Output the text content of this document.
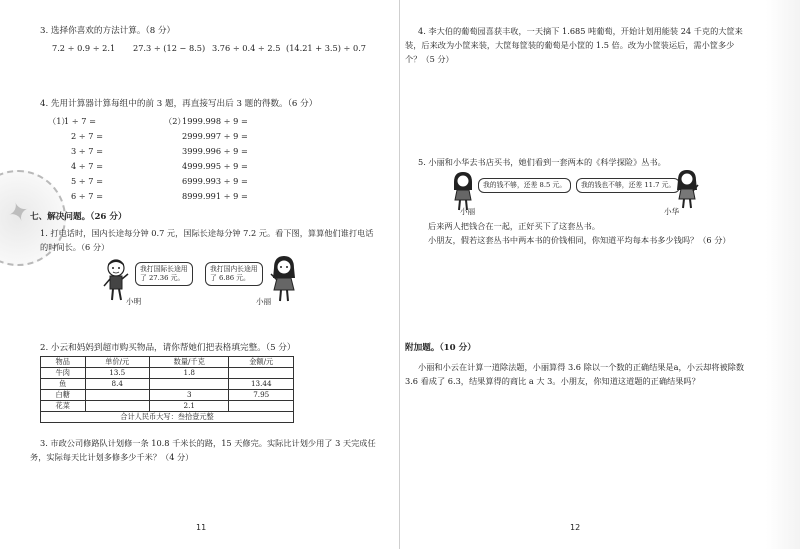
✦
3. 选择你喜欢的方法计算。（8 分）
7.2 ÷ 0.9 ÷ 2.1 27.3 ÷ (12 − 8.5) 3.76 ÷ 0.4 ÷ 2.5 (14.21 + 3.5) ÷ 0.7
4. 先用计算器计算每组中的前 3 题，再直接写出后 3 题的得数。（6 分）
（1）
1 ÷ 7 =
2 ÷ 7 =
3 ÷ 7 =
4 ÷ 7 =
5 ÷ 7 =
6 ÷ 7 =
（2）
1999.998 ÷ 9 =
2999.997 ÷ 9 =
3999.996 ÷ 9 =
4999.995 ÷ 9 =
6999.993 ÷ 9 =
8999.991 ÷ 9 =
七、解决问题。（26 分）
1. 打电话时，国内长途每分钟 0.7 元，国际长途每分钟 7.2 元。看下图，算算他们谁打电话
的时间长。（6 分）
我打国际长途用
了 27.36 元。
小明
我打国内长途用
了 6.86 元。
小丽
2. 小云和妈妈到超市购买物品，请你帮她们把表格填完整。（5 分）
物品	单价/元	数量/千克	金额/元
牛肉	13.5	1.8	
鱼	8.4		13.44
白糖		3	7.95
花菜		2.1	
合计人民币大写：叁拾壹元整			
3. 市政公司修路队计划修一条 10.8 千米长的路，15 天修完。实际比计划少用了 3 天完成任
务，实际每天比计划多修多少千米？（4 分）
11
4. 李大伯的葡萄园喜获丰收，一天摘下 1.685 吨葡萄，开始计划用能装 24 千克的大筐来
装，后来改为小筐来装，大筐每筐装的葡萄是小筐的 1.5 倍。改为小筐装运后，需小筐多少
个？（5 分）
5. 小丽和小华去书店买书，她们看到一套两本的《科学探险》丛书。
我的钱不够，还差 8.5 元。
小丽
我的钱也不够，还差 11.7 元。
小华
后来两人把钱合在一起，正好买下了这套丛书。
小朋友，假若这套丛书中两本书的价钱相同，你知道平均每本书多少钱吗？（6 分）
附加题。（10 分）
小丽和小云在计算一道除法题，小丽算得 3.6 除以一个数的正确结果是a，小云却将被除数
3.6 看成了 6.3，结果算得的商比 a 大 3。小朋友，你知道这道题的正确结果吗？
12
